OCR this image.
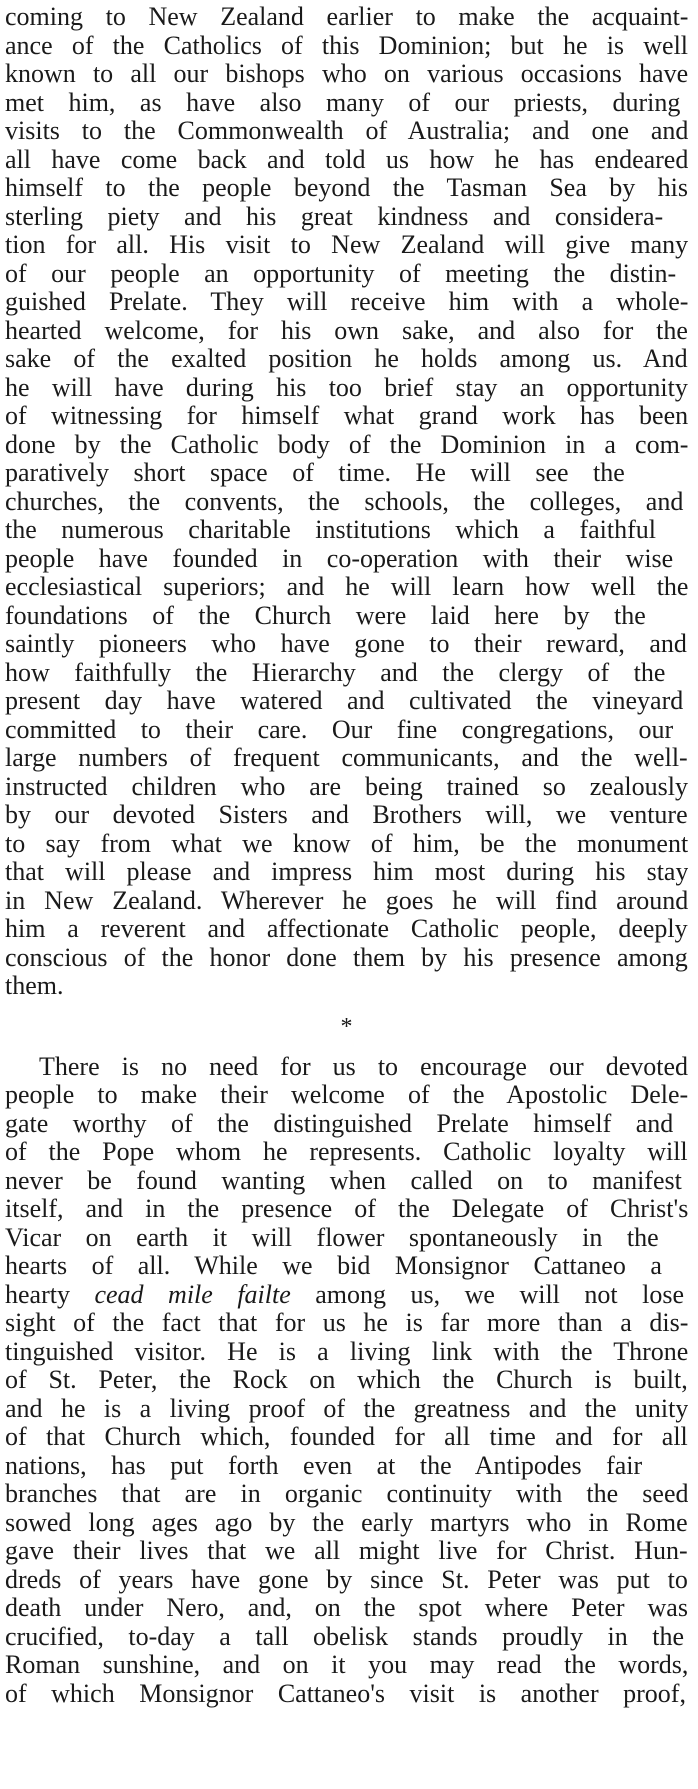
coming to New Zealand earlier to make the acquaint-
ance of the Catholics of this Dominion; but he is well
known to all our bishops who on various occasions have
met him, as have also many of our priests, during
visits to the Commonwealth of Australia; and one and
all have come back and told us how he has endeared
himself to the people beyond the Tasman Sea by his
sterling piety and his great kindness and considera-
tion for all. His visit to New Zealand will give many
of our people an opportunity of meeting the distin-
guished Prelate. They will receive him with a whole-
hearted welcome, for his own sake, and also for the
sake of the exalted position he holds among us. And
he will have during his too brief stay an opportunity
of witnessing for himself what grand work has been
done by the Catholic body of the Dominion in a com-
paratively short space of time. He will see the
churches, the convents, the schools, the colleges, and
the numerous charitable institutions which a faithful
people have founded in co-operation with their wise
ecclesiastical superiors; and he will learn how well the
foundations of the Church were laid here by the
saintly pioneers who have gone to their reward, and
how faithfully the Hierarchy and the clergy of the
present day have watered and cultivated the vineyard
committed to their care. Our fine congregations, our
large numbers of frequent communicants, and the well-
instructed children who are being trained so zealously
by our devoted Sisters and Brothers will, we venture
to say from what we know of him, be the monument
that will please and impress him most during his stay
in New Zealand. Wherever he goes he will find around
him a reverent and affectionate Catholic people, deeply
conscious of the honor done them by his presence among
them.
*
There is no need for us to encourage our devoted
people to make their welcome of the Apostolic Dele-
gate worthy of the distinguished Prelate himself and
of the Pope whom he represents. Catholic loyalty will
never be found wanting when called on to manifest
itself, and in the presence of the Delegate of Christ's
Vicar on earth it will flower spontaneously in the
hearts of all. While we bid Monsignor Cattaneo a
hearty cead mile failte among us, we will not lose
sight of the fact that for us he is far more than a dis-
tinguished visitor. He is a living link with the Throne
of St. Peter, the Rock on which the Church is built,
and he is a living proof of the greatness and the unity
of that Church which, founded for all time and for all
nations, has put forth even at the Antipodes fair
branches that are in organic continuity with the seed
sowed long ages ago by the early martyrs who in Rome
gave their lives that we all might live for Christ. Hun-
dreds of years have gone by since St. Peter was put to
death under Nero, and, on the spot where Peter was
crucified, to-day a tall obelisk stands proudly in the
Roman sunshine, and on it you may read the words,
of which Monsignor Cattaneo's visit is another proof,
